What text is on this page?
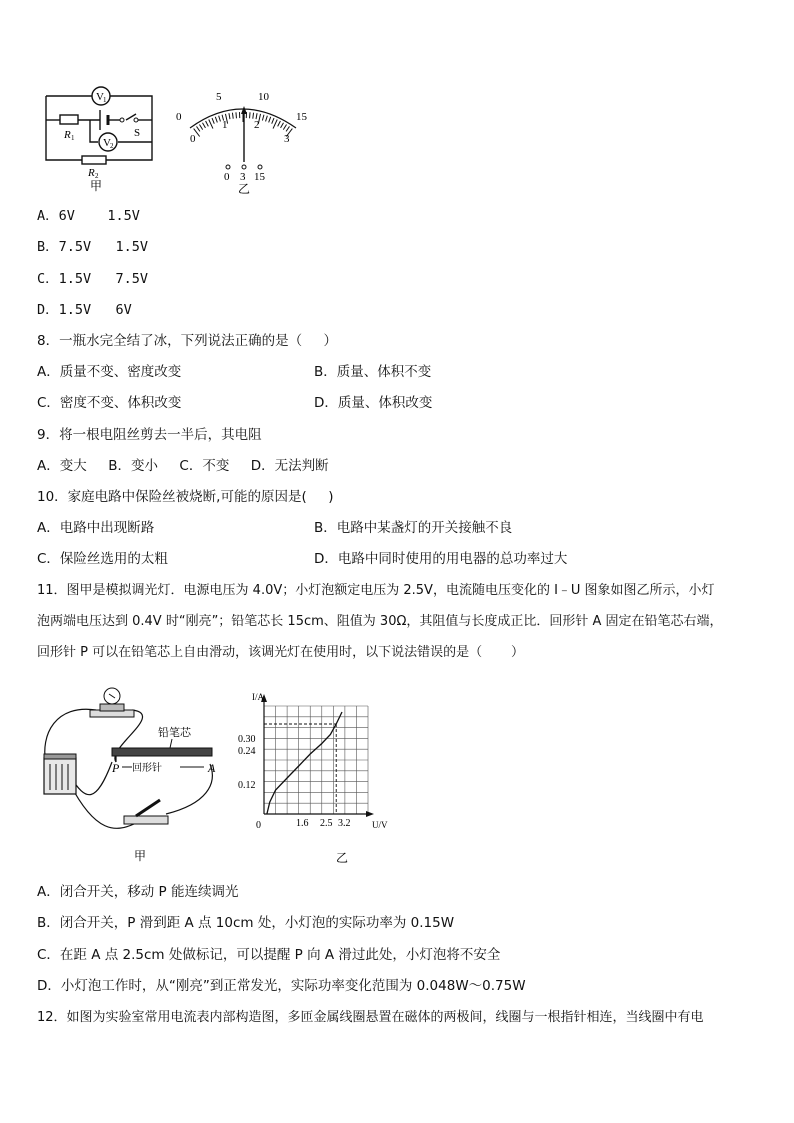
V 1
V 2
R 1	S
R 2
甲
0
5	10
15
0
1 2
3
0 3 15
乙
A．6V    1.5V
B．7.5V   1.5V
C．1.5V   7.5V
D．1.5V   6V
8．一瓶水完全结了冰，下列说法正确的是（     ）
A．质量不变、密度改变	B．质量、体积不变
C．密度不变、体积改变	D．质量、体积改变
9．将一根电阻丝剪去一半后，其电阻
A．变大     B．变小     C．不变     D．无法判断
10．家庭电路中保险丝被烧断,可能的原因是(     )
A．电路中出现断路	B．电路中某盏灯的开关接触不良
C．保险丝选用的太粗	D．电路中同时使用的用电器的总功率过大
11．图甲是模拟调光灯．电源电压为 4.0V；小灯泡额定电压为 2.5V，电流随电压变化的 I﹣U 图象如图乙所示，小灯
泡两端电压达到 0.4V 时“刚亮”；铅笔芯长 15cm、阻值为 30Ω，其阻值与长度成正比．回形针 A 固定在铅笔芯右端，
回形针 P 可以在铅笔芯上自由滑动，该调光灯在使用时，以下说法错误的是（       ）
铅笔芯
P 回形针	A
甲
I/A
U/V
0.30
0.24
0.12
0	1.6 2.5 3.2
乙
A．闭合开关，移动 P 能连续调光
B．闭合开关，P 滑到距 A 点 10cm 处，小灯泡的实际功率为 0.15W
C．在距 A 点 2.5cm 处做标记，可以提醒 P 向 A 滑过此处，小灯泡将不安全
D．小灯泡工作时，从“刚亮”到正常发光，实际功率变化范围为 0.048W～0.75W
12．如图为实验室常用电流表内部构造图，多匝金属线圈悬置在磁体的两极间，线圈与一根指针相连，当线圈中有电
